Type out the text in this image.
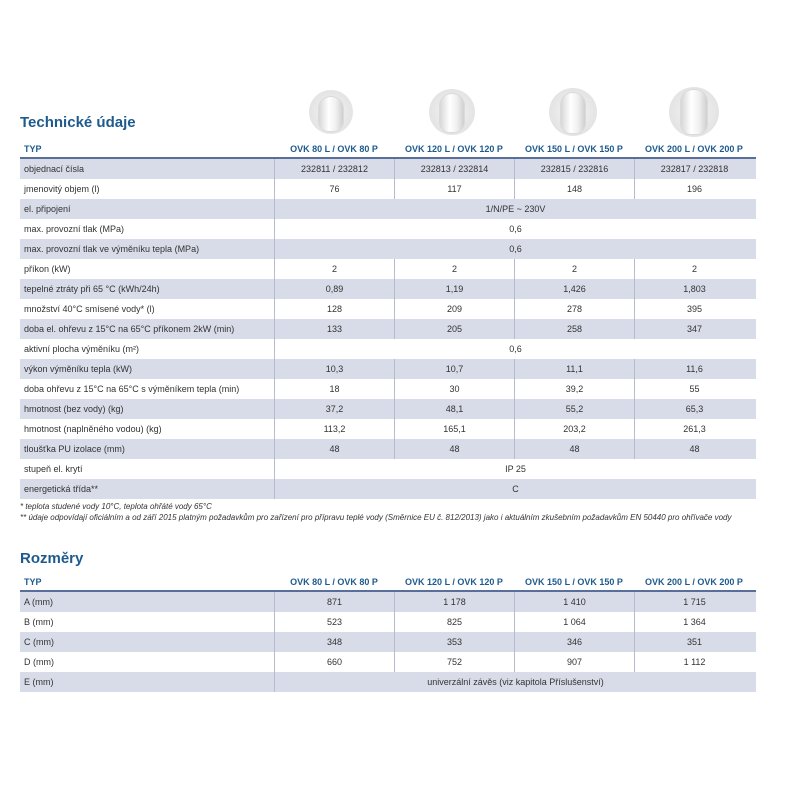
Technické údaje
TYP	OVK 80 L / OVK 80 P	OVK 120 L / OVK 120 P	OVK 150 L / OVK 150 P	OVK 200 L / OVK 200 P
objednací čísla	232811 / 232812	232813 / 232814	232815 / 232816	232817 / 232818
jmenovitý objem (l)	76	117	148	196
el. připojení	1/N/PE ~ 230V
max. provozní tlak (MPa)	0,6
max. provozní tlak ve výměníku tepla (MPa)	0,6
příkon (kW)	2	2	2	2
tepelné ztráty při 65 °C (kWh/24h)	0,89	1,19	1,426	1,803
množství 40°C smísené vody* (l)	128	209	278	395
doba el. ohřevu z 15°C na 65°C příkonem 2kW (min)	133	205	258	347
aktivní plocha výměníku (m²)	0,6
výkon výměníku tepla (kW)	10,3	10,7	11,1	11,6
doba ohřevu z 15°C na 65°C s výměníkem tepla (min)	18	30	39,2	55
hmotnost (bez vody) (kg)	37,2	48,1	55,2	65,3
hmotnost (naplněného vodou) (kg)	113,2	165,1	203,2	261,3
tloušťka PU izolace (mm)	48	48	48	48
stupeň el. krytí	IP 25
energetická třída**	C
* teplota studené vody 10°C, teplota ohřáté vody 65°C
** údaje odpovídají oficiálním a od září 2015 platným požadavkům pro zařízení pro přípravu teplé vody (Směrnice EU č. 812/2013) jako i aktuálním zkušebním požadavkům EN 50440 pro ohřívače vody
Rozměry
TYP	OVK 80 L / OVK 80 P	OVK 120 L / OVK 120 P	OVK 150 L / OVK 150 P	OVK 200 L / OVK 200 P
A (mm)	871	1 178	1 410	1 715
B (mm)	523	825	1 064	1 364
C (mm)	348	353	346	351
D (mm)	660	752	907	1 112
E (mm)	univerzální závěs (viz kapitola Příslušenství)
